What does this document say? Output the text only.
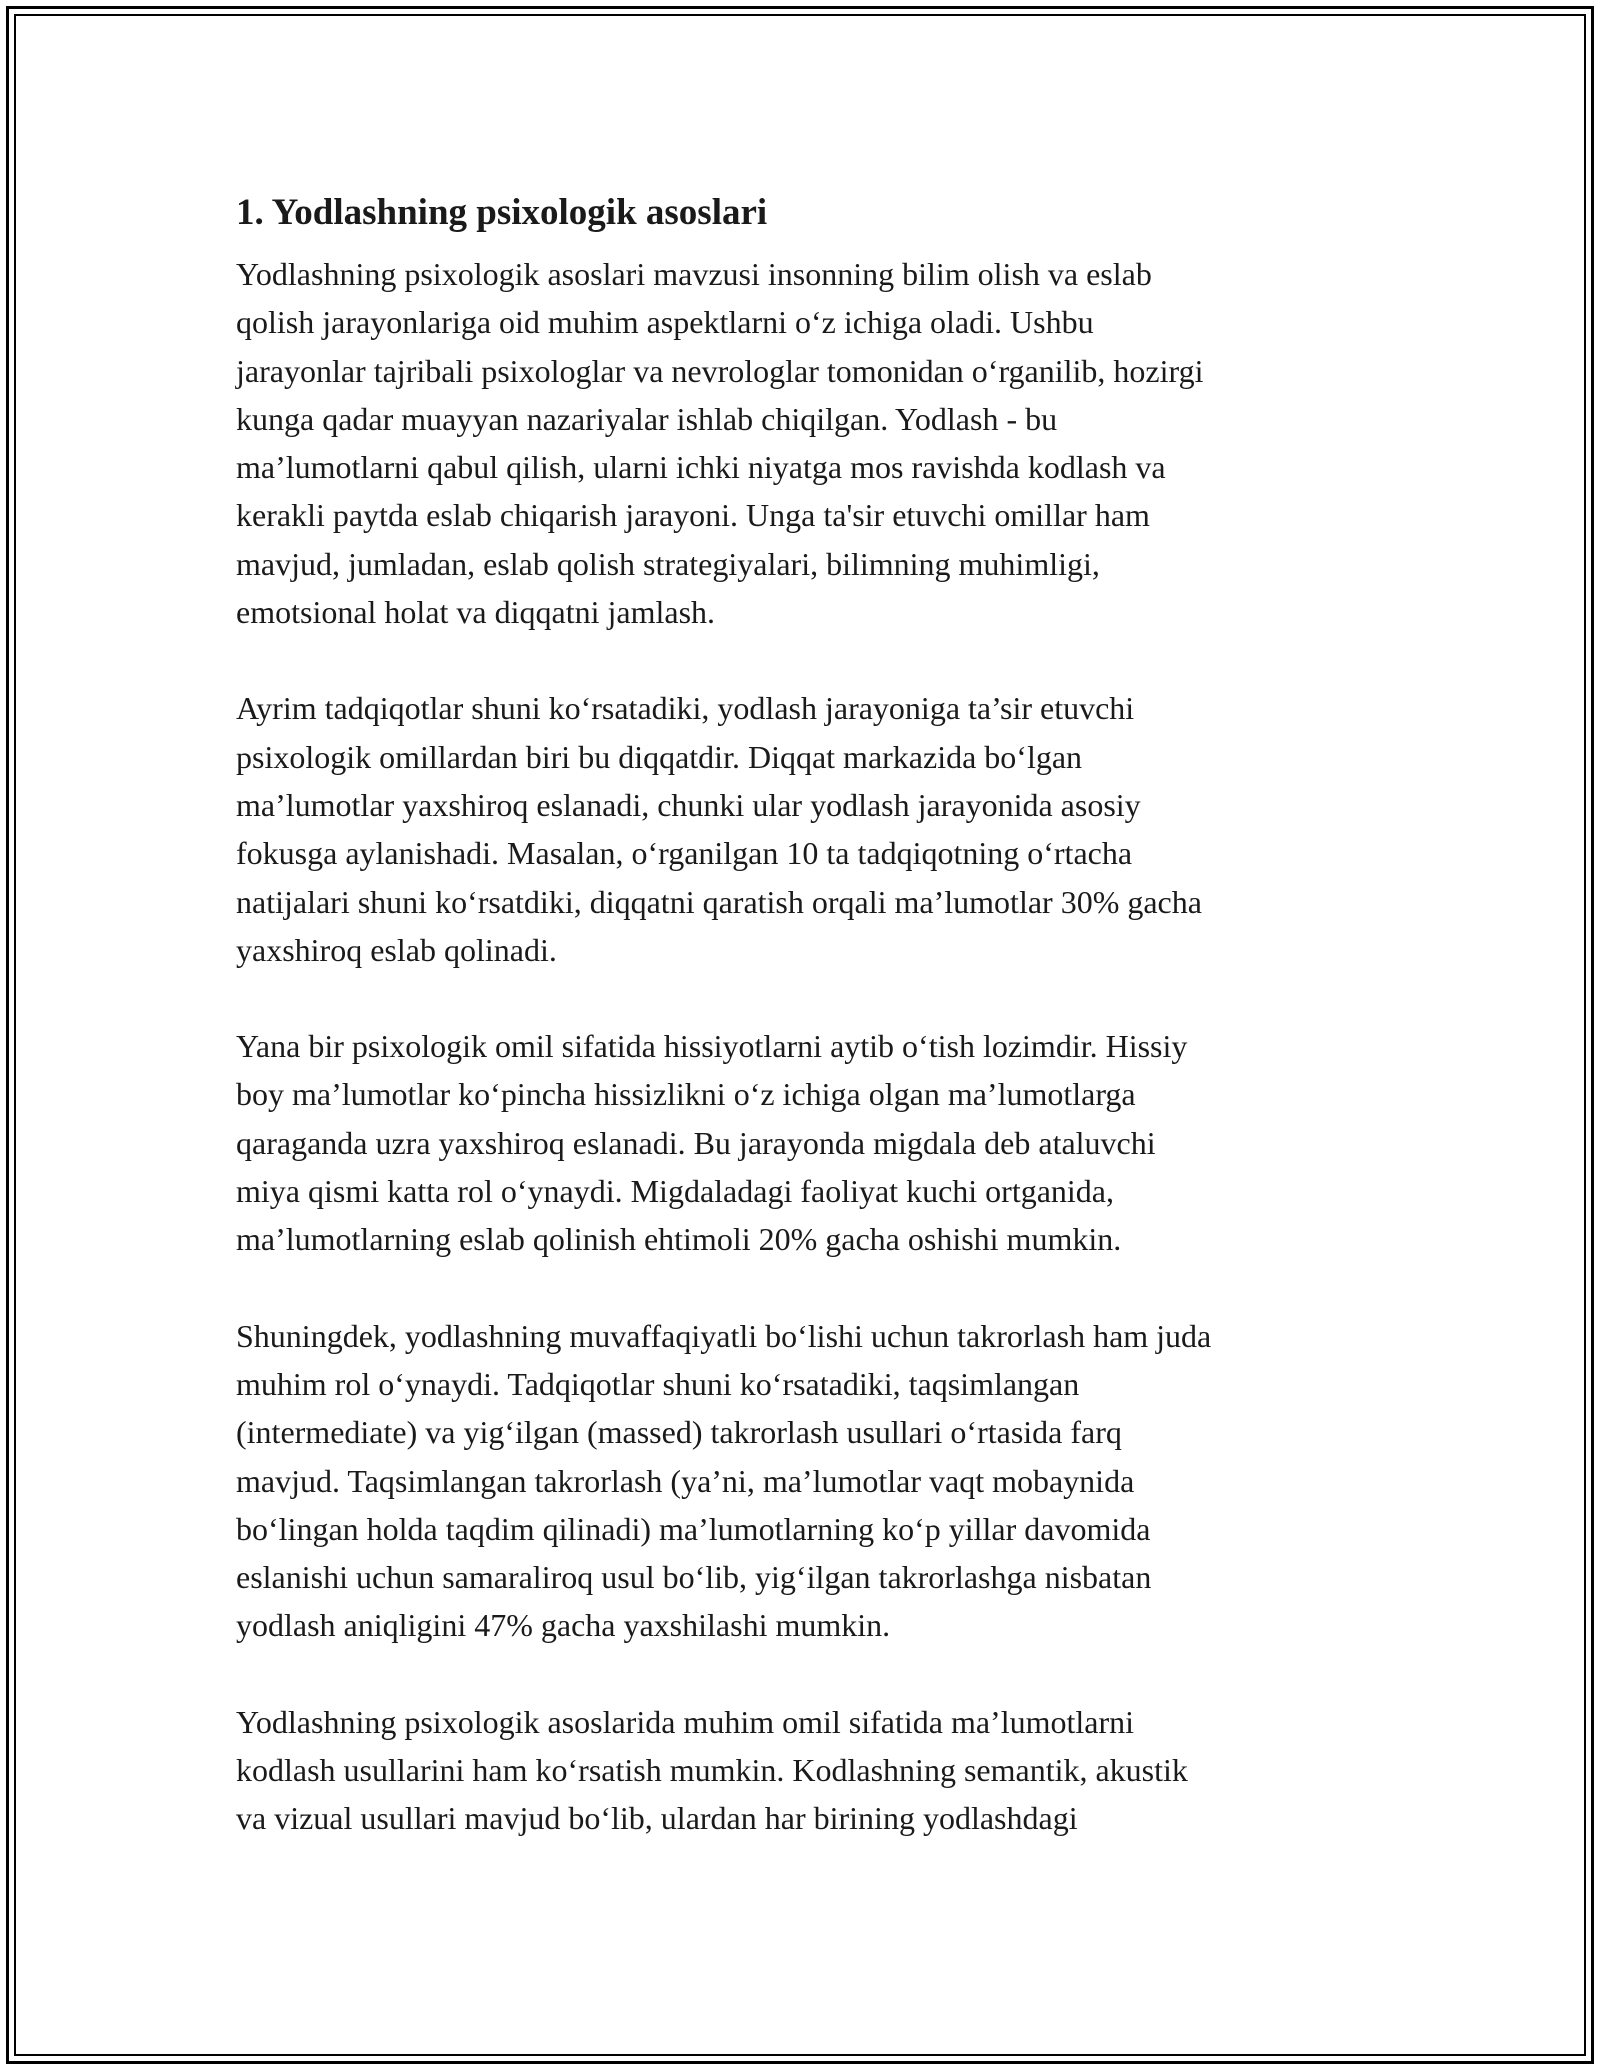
1. Yodlashning psixologik asoslari

Yodlashning psixologik asoslari mavzusi insonning bilim olish va eslab
qolish jarayonlariga oid muhim aspektlarni o‘z ichiga oladi. Ushbu
jarayonlar tajribali psixologlar va nevrologlar tomonidan o‘rganilib, hozirgi
kunga qadar muayyan nazariyalar ishlab chiqilgan. Yodlash - bu
ma’lumotlarni qabul qilish, ularni ichki niyatga mos ravishda kodlash va
kerakli paytda eslab chiqarish jarayoni. Unga ta'sir etuvchi omillar ham
mavjud, jumladan, eslab qolish strategiyalari, bilimning muhimligi,
emotsional holat va diqqatni jamlash.

Ayrim tadqiqotlar shuni ko‘rsatadiki, yodlash jarayoniga ta’sir etuvchi
psixologik omillardan biri bu diqqatdir. Diqqat markazida bo‘lgan
ma’lumotlar yaxshiroq eslanadi, chunki ular yodlash jarayonida asosiy
fokusga aylanishadi. Masalan, o‘rganilgan 10 ta tadqiqotning o‘rtacha
natijalari shuni ko‘rsatdiki, diqqatni qaratish orqali ma’lumotlar 30% gacha
yaxshiroq eslab qolinadi.

Yana bir psixologik omil sifatida hissiyotlarni aytib o‘tish lozimdir. Hissiy
boy ma’lumotlar ko‘pincha hissizlikni o‘z ichiga olgan ma’lumotlarga
qaraganda uzra yaxshiroq eslanadi. Bu jarayonda migdala deb ataluvchi
miya qismi katta rol o‘ynaydi. Migdaladagi faoliyat kuchi ortganida,
ma’lumotlarning eslab qolinish ehtimoli 20% gacha oshishi mumkin.

Shuningdek, yodlashning muvaffaqiyatli bo‘lishi uchun takrorlash ham juda
muhim rol o‘ynaydi. Tadqiqotlar shuni ko‘rsatadiki, taqsimlangan
(intermediate) va yig‘ilgan (massed) takrorlash usullari o‘rtasida farq
mavjud. Taqsimlangan takrorlash (ya’ni, ma’lumotlar vaqt mobaynida
bo‘lingan holda taqdim qilinadi) ma’lumotlarning ko‘p yillar davomida
eslanishi uchun samaraliroq usul bo‘lib, yig‘ilgan takrorlashga nisbatan
yodlash aniqligini 47% gacha yaxshilashi mumkin.

Yodlashning psixologik asoslarida muhim omil sifatida ma’lumotlarni
kodlash usullarini ham ko‘rsatish mumkin. Kodlashning semantik, akustik
va vizual usullari mavjud bo‘lib, ulardan har birining yodlashdagi
